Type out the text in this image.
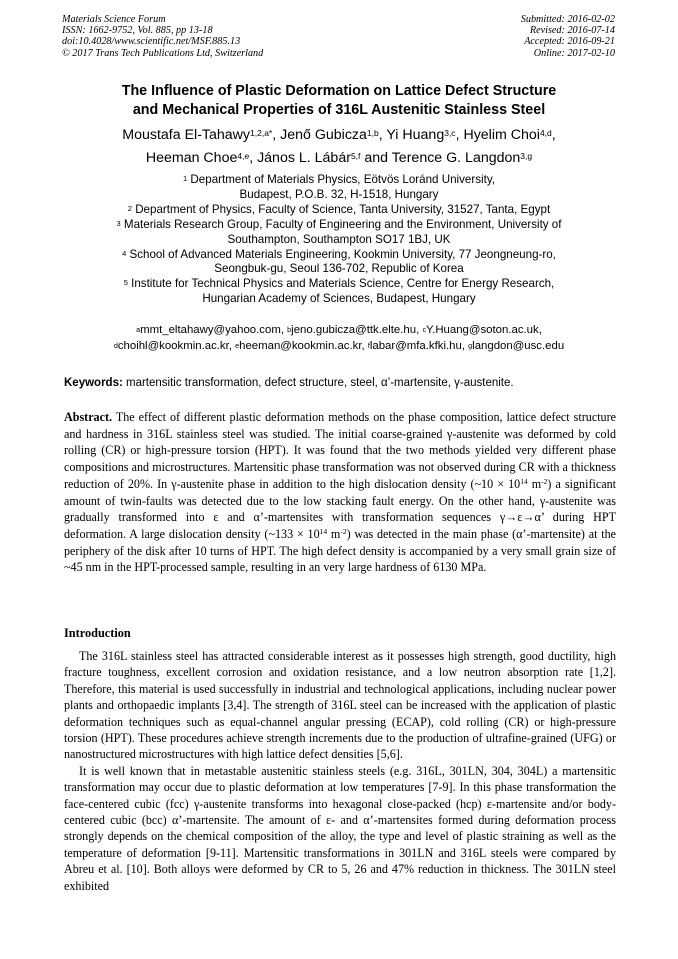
Materials Science Forum
ISSN: 1662-9752, Vol. 885, pp 13-18
doi:10.4028/www.scientific.net/MSF.885.13
© 2017 Trans Tech Publications Ltd, Switzerland
Submitted: 2016-02-02
Revised: 2016-07-14
Accepted: 2016-09-21
Online: 2017-02-10
The Influence of Plastic Deformation on Lattice Defect Structure
and Mechanical Properties of 316L Austenitic Stainless Steel
Moustafa El-Tahawy$^{1,2,a*}$, Jenő Gubicza$^{1,b}$, Yi Huang$^{3,c}$, Hyelim Choi$^{4,d}$,
Heeman Choe$^{4,e}$, János L. Lábár$^{5,f}$ and Terence G. Langdon$^{3,g}$
$^1$ Department of Materials Physics, Eötvös Loránd University,
Budapest, P.O.B. 32, H-1518, Hungary
$^2$ Department of Physics, Faculty of Science, Tanta University, 31527, Tanta, Egypt
$^3$ Materials Research Group, Faculty of Engineering and the Environment, University of
Southampton, Southampton SO17 1BJ, UK
$^4$ School of Advanced Materials Engineering, Kookmin University, 77 Jeongneung-ro,
Seongbuk-gu, Seoul 136-702, Republic of Korea
$^5$ Institute for Technical Physics and Materials Science, Centre for Energy Research,
Hungarian Academy of Sciences, Budapest, Hungary
$^a$mmt_eltahawy@yahoo.com, $^b$jeno.gubicza@ttk.elte.hu, $^c$Y.Huang@soton.ac.uk,
$^d$choihl@kookmin.ac.kr, $^e$heeman@kookmin.ac.kr, $^f$labar@mfa.kfki.hu, $^g$langdon@usc.edu
Keywords: martensitic transformation, defect structure, steel, α’-martensite, γ-austenite.
Abstract. The effect of different plastic deformation methods on the phase composition, lattice defect structure and hardness in 316L stainless steel was studied. The initial coarse-grained γ-austenite was deformed by cold rolling (CR) or high-pressure torsion (HPT). It was found that the two methods yielded very different phase compositions and microstructures. Martensitic phase transformation was not observed during CR with a thickness reduction of 20%. In γ-austenite phase in addition to the high dislocation density (~10 × $10^{14}$ $m^{-2}$) a significant amount of twin-faults was detected due to the low stacking fault energy. On the other hand, γ-austenite was gradually transformed into ε and α’-martensites with transformation sequences γ→ε→α’ during HPT deformation. A large dislocation density (~133 × $10^{14}$ $m^{-2}$) was detected in the main phase (α’-martensite) at the periphery of the disk after 10 turns of HPT. The high defect density is accompanied by a very small grain size of ~45 nm in the HPT-processed sample, resulting in an very large hardness of 6130 MPa.
Introduction

The 316L stainless steel has attracted considerable interest as it possesses high strength, good ductility, high fracture toughness, excellent corrosion and oxidation resistance, and a low neutron absorption rate [1,2]. Therefore, this material is used successfully in industrial and technological applications, including nuclear power plants and orthopaedic implants [3,4]. The strength of 316L steel can be increased with the application of plastic deformation techniques such as equal-channel angular pressing (ECAP), cold rolling (CR) or high-pressure torsion (HPT). These procedures achieve strength increments due to the production of ultrafine-grained (UFG) or nanostructured microstructures with high lattice defect densities [5,6].

It is well known that in metastable austenitic stainless steels (e.g. 316L, 301LN, 304, 304L) a martensitic transformation may occur due to plastic deformation at low temperatures [7-9]. In this phase transformation the face-centered cubic (fcc) γ-austenite transforms into hexagonal close-packed (hcp) ε-martensite and/or body-centered cubic (bcc) α’-martensite. The amount of ε- and α’-martensites formed during deformation process strongly depends on the chemical composition of the alloy, the type and level of plastic straining as well as the temperature of deformation [9-11]. Martensitic transformations in 301LN and 316L steels were compared by Abreu et al. [10]. Both alloys were deformed by CR to 5, 26 and 47% reduction in thickness. The 301LN steel exhibited
